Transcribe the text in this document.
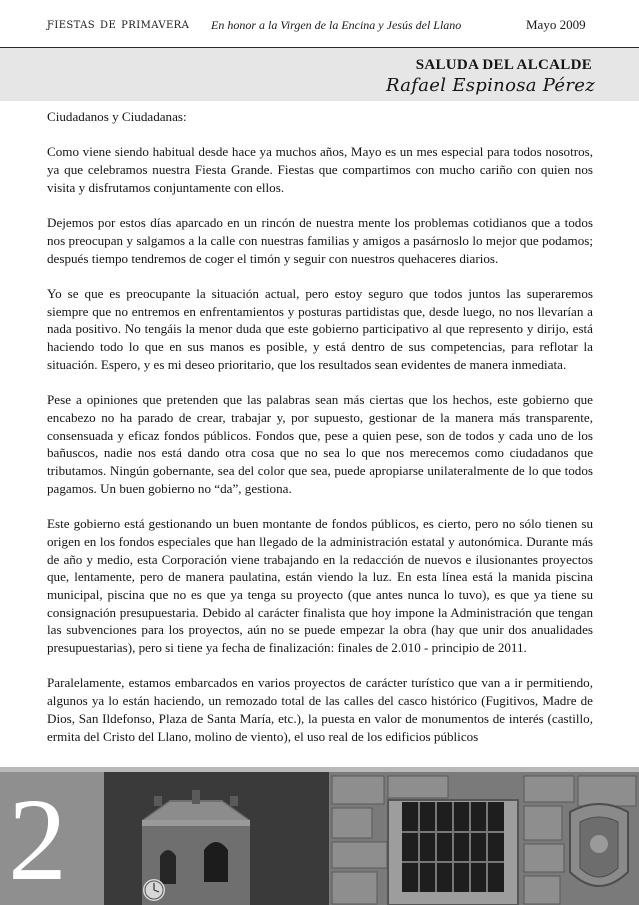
ƒiestas de primavera En honor a la Virgen de la Encina y Jesús del Llano	Mayo 2009
SALUDA DEL ALCALDE
Rafael Espinosa Pérez

Ciudadanos y Ciudadanas:

Como viene siendo habitual desde hace ya muchos años, Mayo es un mes especial para todos nosotros, ya que celebramos nuestra Fiesta Grande. Fiestas que compartimos con mucho cariño con quien nos visita y disfrutamos conjuntamente con ellos.

Dejemos por estos días aparcado en un rincón de nuestra mente los problemas cotidianos que a todos nos preocupan y salgamos a la calle con nuestras familias y amigos a pasárnoslo lo mejor que podamos; después tiempo tendremos de coger el timón y seguir con nuestros quehaceres diarios.

Yo se que es preocupante la situación actual, pero estoy seguro que todos juntos las superaremos siempre que no entremos en enfrentamientos y posturas partidistas que, desde luego, no nos llevarían a nada positivo. No tengáis la menor duda que este gobierno participativo al que represento y dirijo, está haciendo todo lo que en sus manos es posible, y está dentro de sus competencias, para reflotar la situación. Espero, y es mi deseo prioritario, que los resultados sean evidentes de manera inmediata.

Pese a opiniones que pretenden que las palabras sean más ciertas que los hechos, este gobierno que encabezo no ha parado de crear, trabajar y, por supuesto, gestionar de la manera más transparente, consensuada y eficaz fondos públicos. Fondos que, pese a quien pese, son de todos y cada uno de los bañuscos, nadie nos está dando otra cosa que no sea lo que nos merecemos como ciudadanos que tributamos. Ningún gobernante, sea del color que sea, puede apropiarse unilateralmente de lo que todos pagamos. Un buen gobierno no “da”, gestiona.

Este gobierno está gestionando un buen montante de fondos públicos, es cierto, pero no sólo tienen su origen en los fondos especiales que han llegado de la administración estatal y autonómica. Durante más de año y medio, esta Corporación viene trabajando en la redacción de nuevos e ilusionantes proyectos que, lentamente, pero de manera paulatina, están viendo la luz. En esta línea está la manida piscina municipal, piscina que no es que ya tenga su proyecto (que antes nunca lo tuvo), es que ya tiene su consignación presupuestaria. Debido al carácter finalista que hoy impone la Administración que tengan las subvenciones para los proyectos, aún no se puede empezar la obra (hay que unir dos anualidades presupuestarias), pero si tiene ya fecha de finalización: finales de 2.010 - principio de 2011.

Paralelamente, estamos embarcados en varios proyectos de carácter turístico que van a ir permitiendo, algunos ya lo están haciendo, un remozado total de las calles del casco histórico (Fugitivos, Madre de Dios, San Ildefonso, Plaza de Santa María, etc.), la puesta en valor de monumentos de interés (castillo, ermita del Cristo del Llano, molino de viento), el uso real de los edificios públicos

2
